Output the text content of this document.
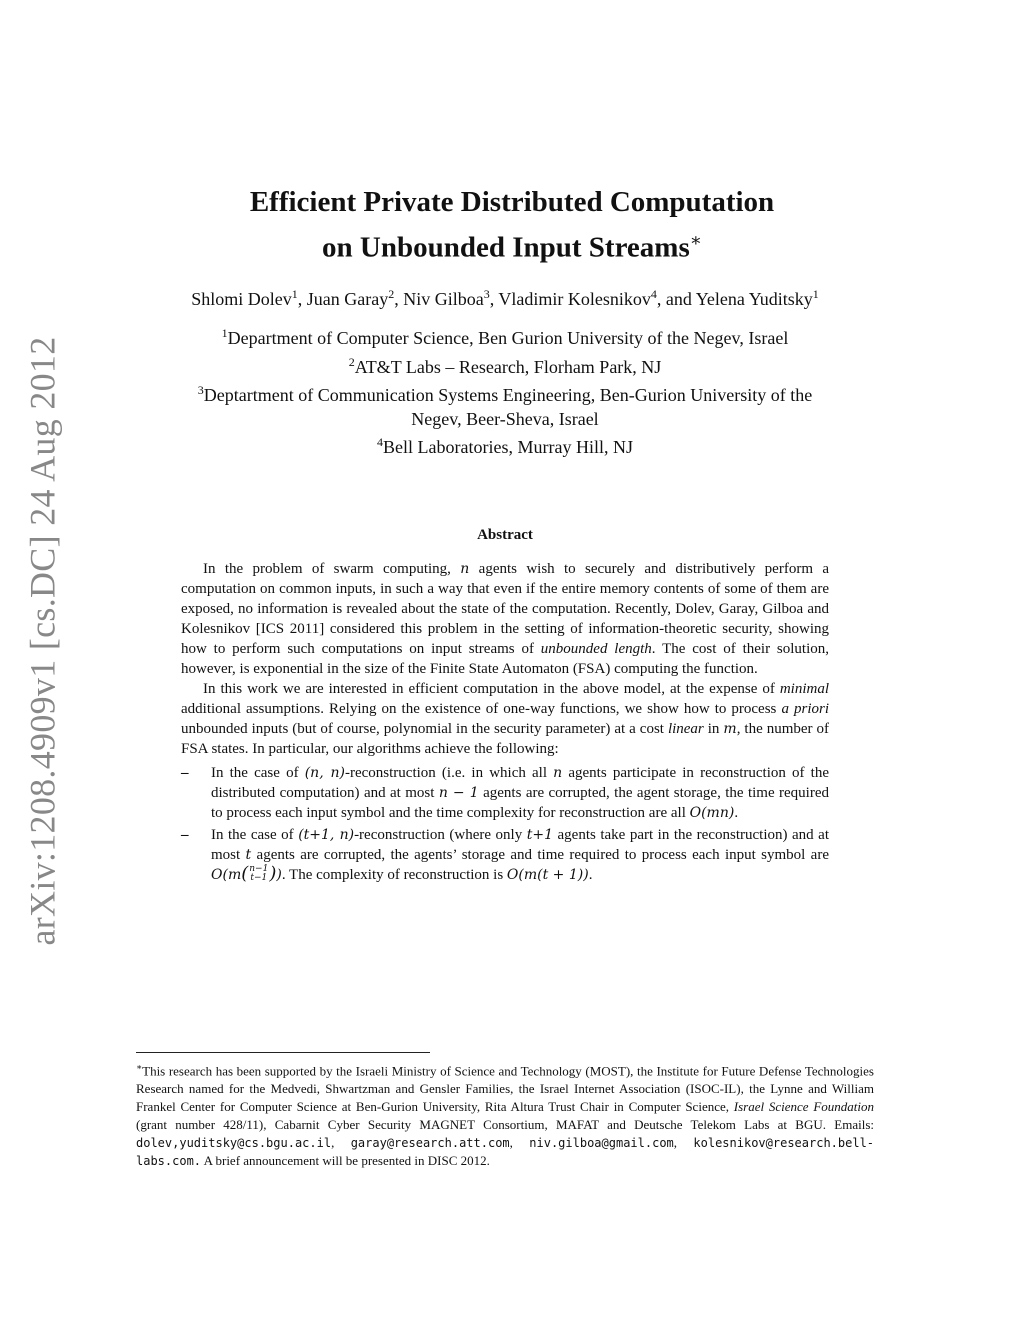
arXiv:1208.4909v1 [cs.DC] 24 Aug 2012
Efficient Private Distributed Computation
on Unbounded Input Streams∗
Shlomi Dolev$^1$, Juan Garay$^2$, Niv Gilboa$^3$, Vladimir Kolesnikov$^4$, and Yelena Yuditsky$^1$
$^1$Department of Computer Science, Ben Gurion University of the Negev, Israel
$^2$AT&T Labs – Research, Florham Park, NJ
$^3$Deptartment of Communication Systems Engineering, Ben-Gurion University of the
Negev, Beer-Sheva, Israel
$^4$Bell Laboratories, Murray Hill, NJ
Abstract

In the problem of swarm computing, n agents wish to securely and distributively perform a computation on common inputs, in such a way that even if the entire memory contents of some of them are exposed, no information is revealed about the state of the computation. Recently, Dolev, Garay, Gilboa and Kolesnikov [ICS 2011] considered this problem in the setting of information-theoretic security, showing how to perform such computations on input streams of unbounded length. The cost of their solution, however, is exponential in the size of the Finite State Automaton (FSA) computing the function.

In this work we are interested in efficient computation in the above model, at the expense of minimal additional assumptions. Relying on the existence of one-way functions, we show how to process a priori unbounded inputs (but of course, polynomial in the security parameter) at a cost linear in m, the number of FSA states. In particular, our algorithms achieve the following:

– In the case of (n, n)-reconstruction (i.e. in which all n agents participate in reconstruction of the distributed computation) and at most n − 1 agents are corrupted, the agent storage, the time required to process each input symbol and the time complexity for reconstruction are all O(mn).
– In the case of (t+1, n)-reconstruction (where only t+1 agents take part in the reconstruction) and at most t agents are corrupted, the agents’ storage and time required to process each input symbol are O(m ( n−1
t−1 ) ). The complexity of reconstruction is O(m(t + 1)).
∗This research has been supported by the Israeli Ministry of Science and Technology (MOST), the Institute for Future Defense Technologies Research named for the Medvedi, Shwartzman and Gensler Families, the Israel Internet Association (ISOC-IL), the Lynne and William Frankel Center for Computer Science at Ben-Gurion University, Rita Altura Trust Chair in Computer Science, Israel Science Foundation (grant number 428/11), Cabarnit Cyber Security MAGNET Consortium, MAFAT and Deutsche Telekom Labs at BGU. Emails: dolev,yuditsky@cs.bgu.ac.il, garay@research.att.com, niv.gilboa@gmail.com, kolesnikov@research.bell-labs.com. A brief announcement will be presented in DISC 2012.
